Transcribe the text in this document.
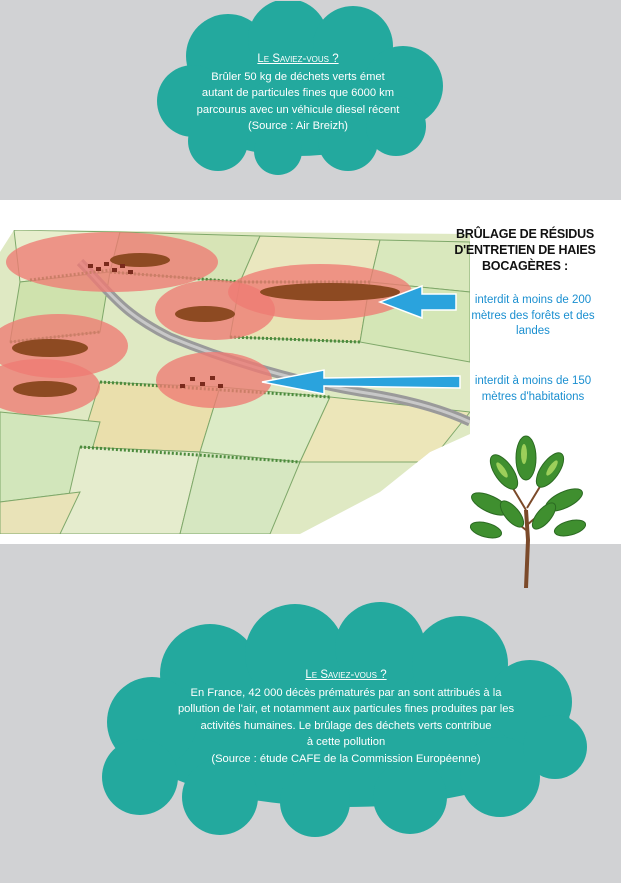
Le Saviez-vous ?
Brûler 50 kg de déchets verts émet
autant de particules fines que 6000 km
parcourus avec un véhicule diesel récent
(Source : Air Breizh)
BRÛLAGE DE RÉSIDUS
D'ENTRETIEN DE HAIES
BOCAGÈRES :
interdit à moins de 200
mètres des forêts et des
landes
interdit à moins de 150
mètres d'habitations
Le Saviez-vous ?
En France, 42 000 décès prématurés par an sont attribués à la
pollution de l'air, et notamment aux particules fines produites par les
activités humaines. Le brûlage des déchets verts contribue
à cette pollution
(Source : étude CAFE de la Commission Européenne)
